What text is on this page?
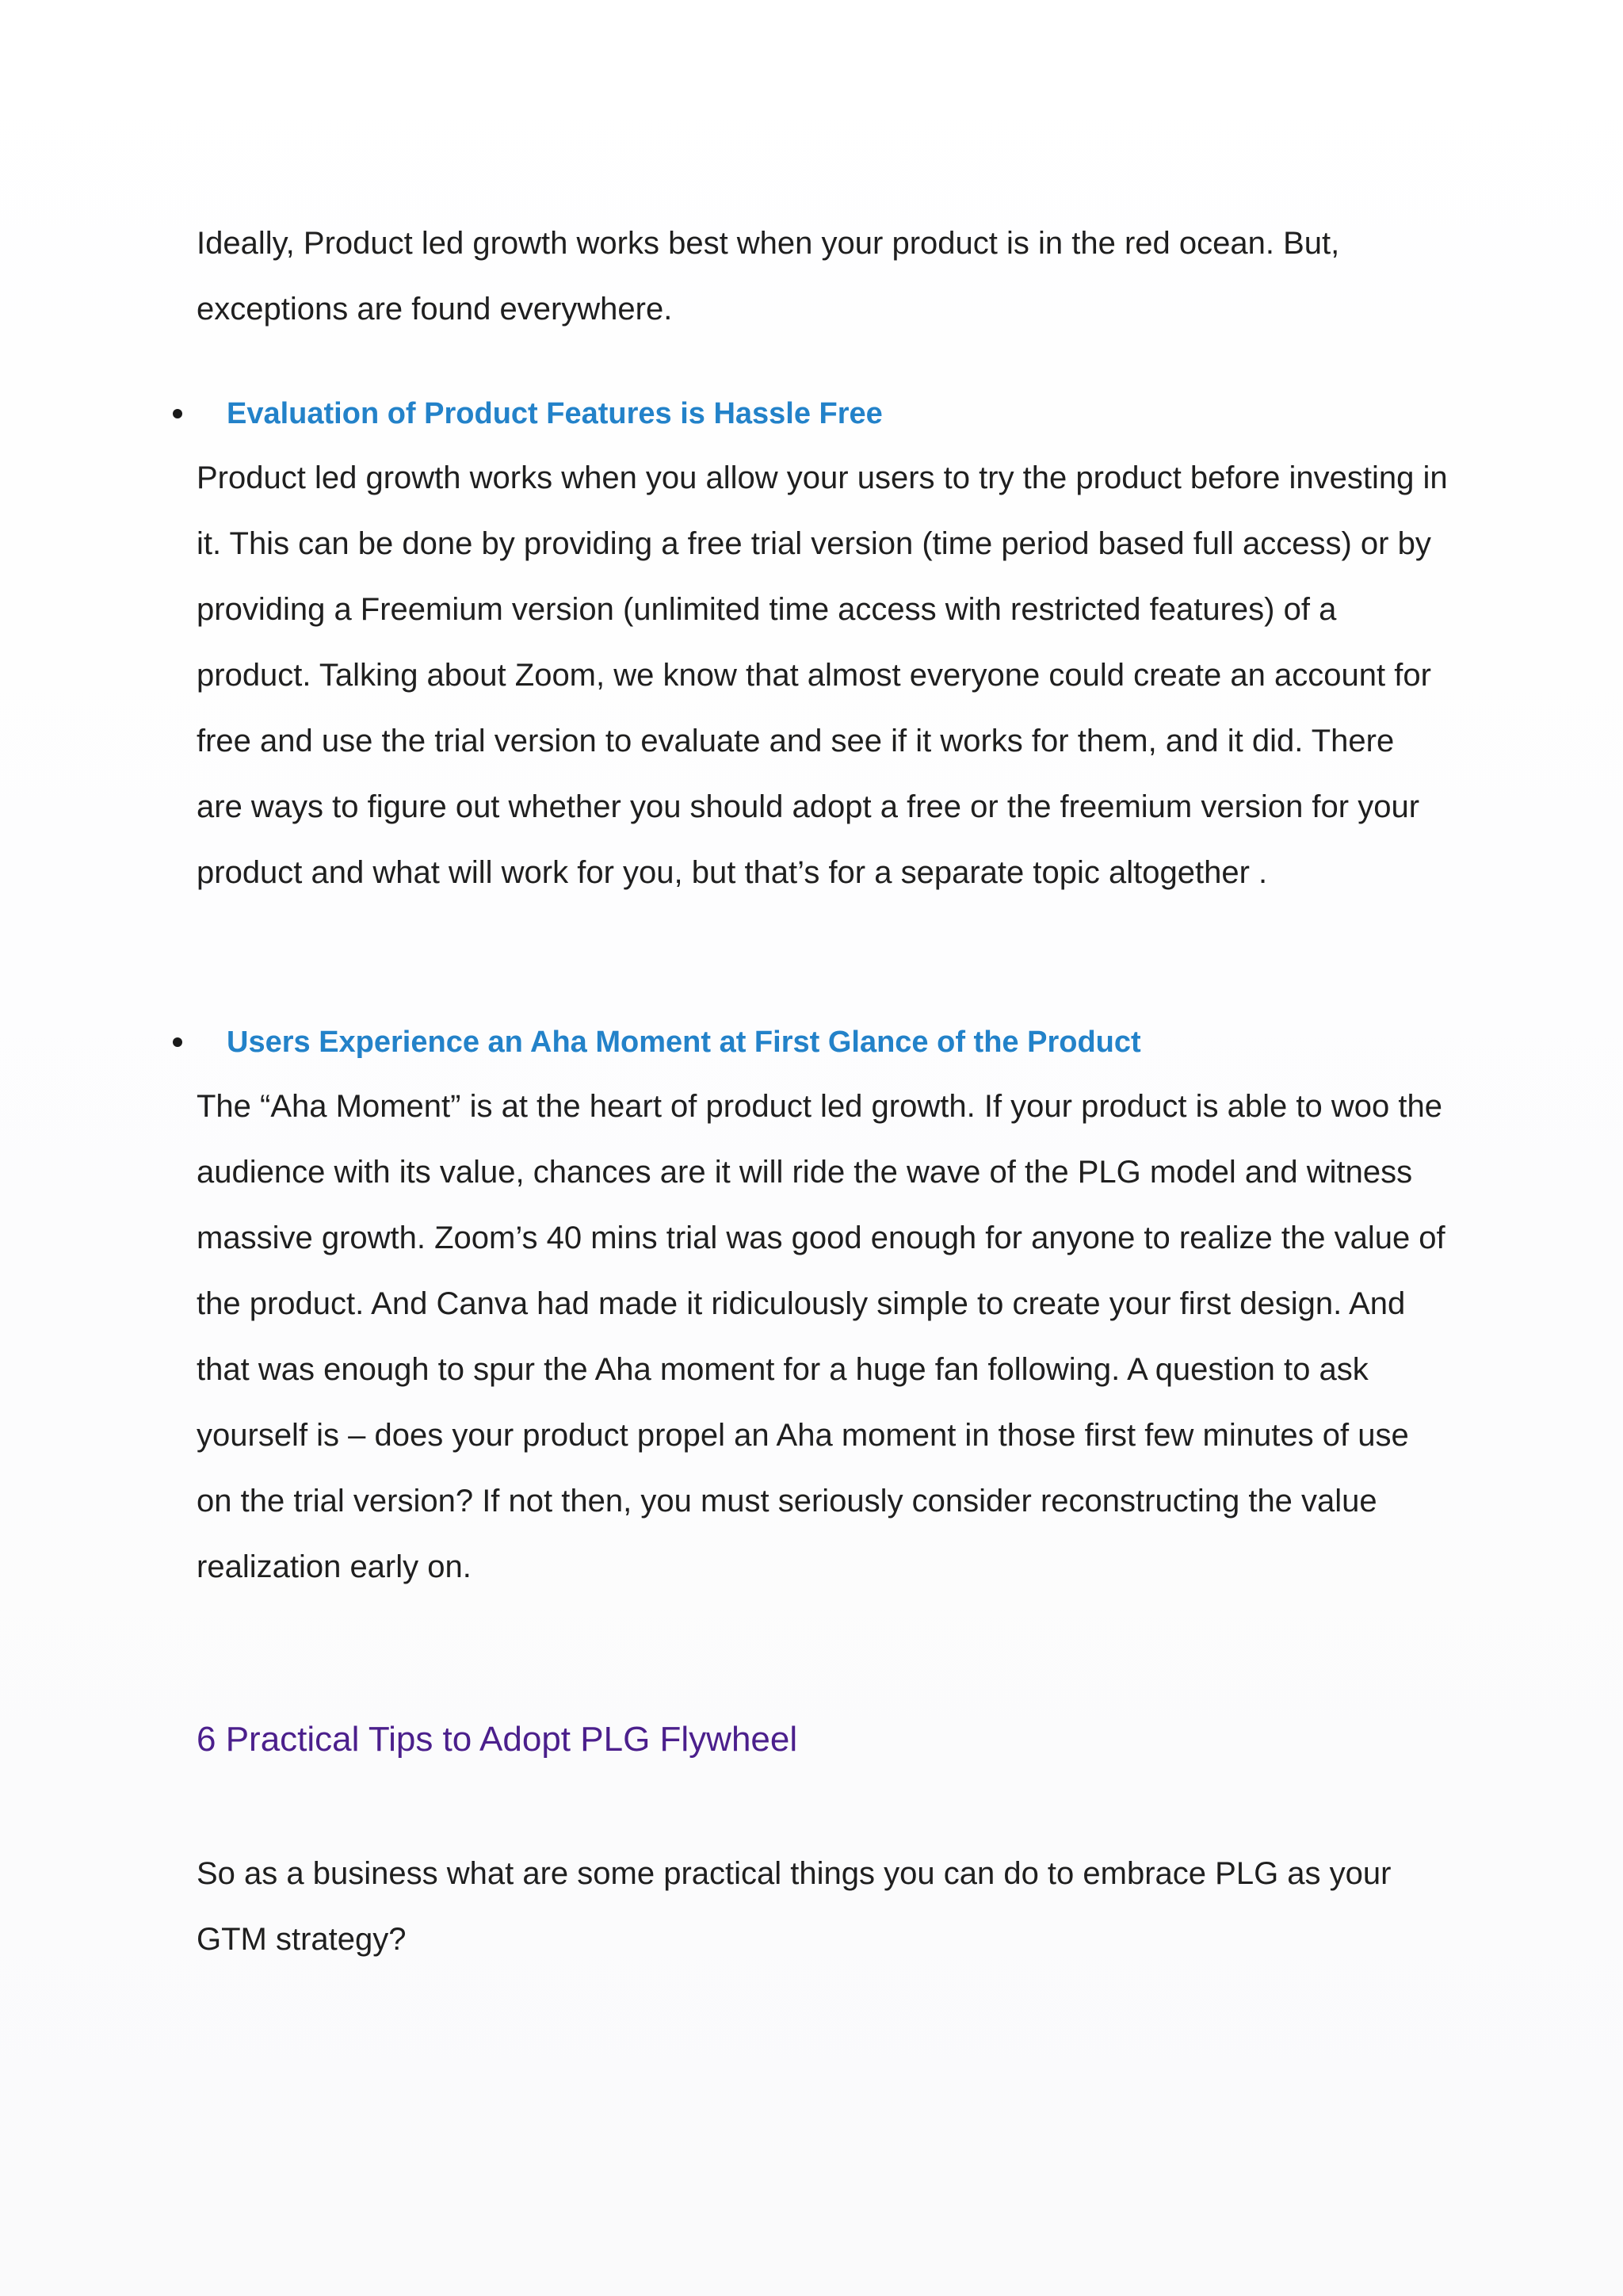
Ideally, Product led growth works best when your product is in the red ocean. But, exceptions are found everywhere.

Evaluation of Product Features is Hassle Free

Product led growth works when you allow your users to try the product before investing in it. This can be done by providing a free trial version (time period based full access) or by providing a Freemium version (unlimited time access with restricted features) of a product. Talking about Zoom, we know that almost everyone could create an account for free and use the trial version to evaluate and see if it works for them, and it did. There are ways to figure out whether you should adopt a free or the freemium version for your product and what will work for you, but that’s for a separate topic altogether .

Users Experience an Aha Moment at First Glance of the Product

The “Aha Moment” is at the heart of product led growth. If your product is able to woo the audience with its value, chances are it will ride the wave of the PLG model and witness massive growth. Zoom’s 40 mins trial was good enough for anyone to realize the value of the product. And Canva had made it ridiculously simple to create your first design. And that was enough to spur the Aha moment for a huge fan following. A question to ask yourself is – does your product propel an Aha moment in those first few minutes of use on the trial version? If not then, you must seriously consider reconstructing the value realization early on.

6 Practical Tips to Adopt PLG Flywheel

So as a business what are some practical things you can do to embrace PLG as your GTM strategy?
